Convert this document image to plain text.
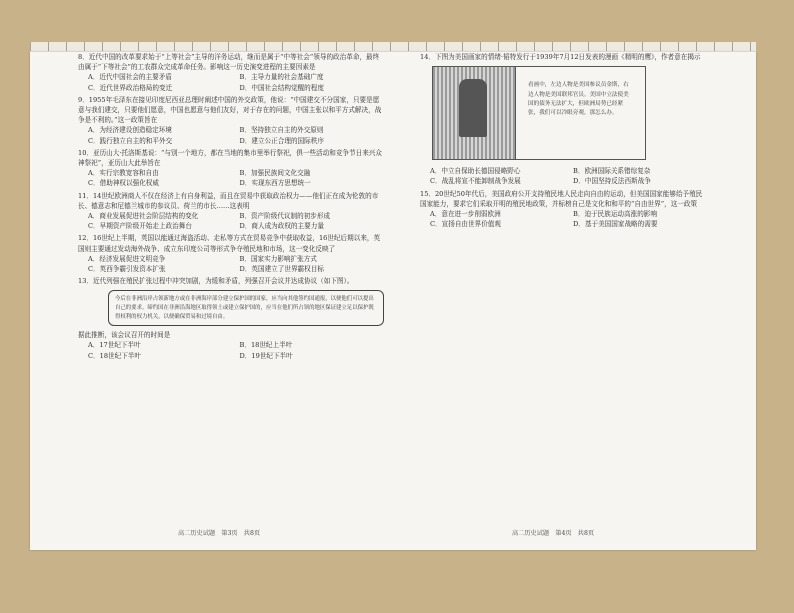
8．近代中国的改革要求始于“上等社会”主导的洋务运动，继而是属于“中等社会”领导的政治革命，最终由属于“下等社会”的工农群众完成革命任务。影响这一历史演变进程的主要因素是
A．近代中国社会的主要矛盾	B．主导力量的社会基础广度
C．近代世界政治格局的变迁	D．中国社会结构觉醒的程度
9．1955年毛泽东在接见印度尼西亚总理时阐述中国的外交政策，他说：“中国建交不分国家，只要是愿意与我们建交，只要他们愿意，中国也愿意与他们友好，对于存在的问题，中国主张以和平方式解决，战争是不利的。”这一政策旨在
A．为经济建设创造稳定环境	B．坚持独立自主的外交原则
C．践行独立自主的和平外交	D．建立公正合理的国际秩序
10．亚历山大·托洛斯基说：“与别一个地方，都在当地的集市里举行祭祀，俱一些活动和竞争节日来兴众神祭祀”，亚历山大此举旨在
A．实行宗教宽容和自由	B．加强民族间文化交融
C．借助神权以强化权威	D．实现东西方思想统一
11．14世纪欧洲商人不仅在经济上有自身利益，而且在贸易中获取政治权力——他们正在成为伦敦的市长、德意志和尼德兰城市的参议员、荷兰的市长……这表明
A．商业发展促进社会阶层结构的变化	B．资产阶级代议制的初步形成
C．早期资产阶级开始走上政治舞台	D．商人成为政权的主要力量
12．16世纪上半期，英国以能通过海盗活动、走私等方式在贸易竞争中获取收益，16世纪后期以来，英国则主要通过发动海外战争、成立东印度公司等形式争夺殖民地和市场，这一变化反映了
A．经济发展促进文明竞争	B．国家实力影响扩张方式
C．英西争霸引发资本扩张	D．英国建立了世界霸权目标
13．近代列强在殖民扩张过程中冲突加剧，为缓和矛盾，列强召开会议并达成协议（如下图）。
今后在非洲沿岸占领新地方或在非洲海岸部分建立保护国的国家，应当向其他签约国通报，以便他们可以提出自己的要求。缔约国在非洲沿海地区取得领土或建立保护国的，应当在他们所占领的地区保证建立足以保护既得权利的权力机关，以便确保贸易和过境自由。
据此推断，该会议召开的时间是
A．17世纪下半叶	B．18世纪上半叶
C．18世纪下半叶	D．19世纪下半叶
高二历史试题　第3页　共8页
14．下图为美国画家的情绪·韬特发行于1939年7月12日发表的漫画《精明的鹰》，作者意在揭示
看画中，左边人物是美国参议员金斯，右边人物是美国联邦官员。美国中立法使美国的债务无法扩大，但欧洲局势已经紧张，我们可以冷眼旁观，那怎么办。
A．中立自保助长德国侵略野心	B．欧洲国际关系错综复杂
C．战乱将宣不能卸制战争发展	D．中国坚持反法西斯战争
15．20世纪50年代后，美国政府公开支持殖民地人民走向自由的运动，但美国国家能够给予殖民国家能力，要求它们采取开明的殖民地政策，并标榜自己是文化和和平的“自由世界”，这一政策
A．意在进一步削弱欧洲	B．迫于民族运动高涨的影响
C．宣扬自由世界价值观	D．基于美国国家战略的需要
高二历史试题　第4页　共8页
